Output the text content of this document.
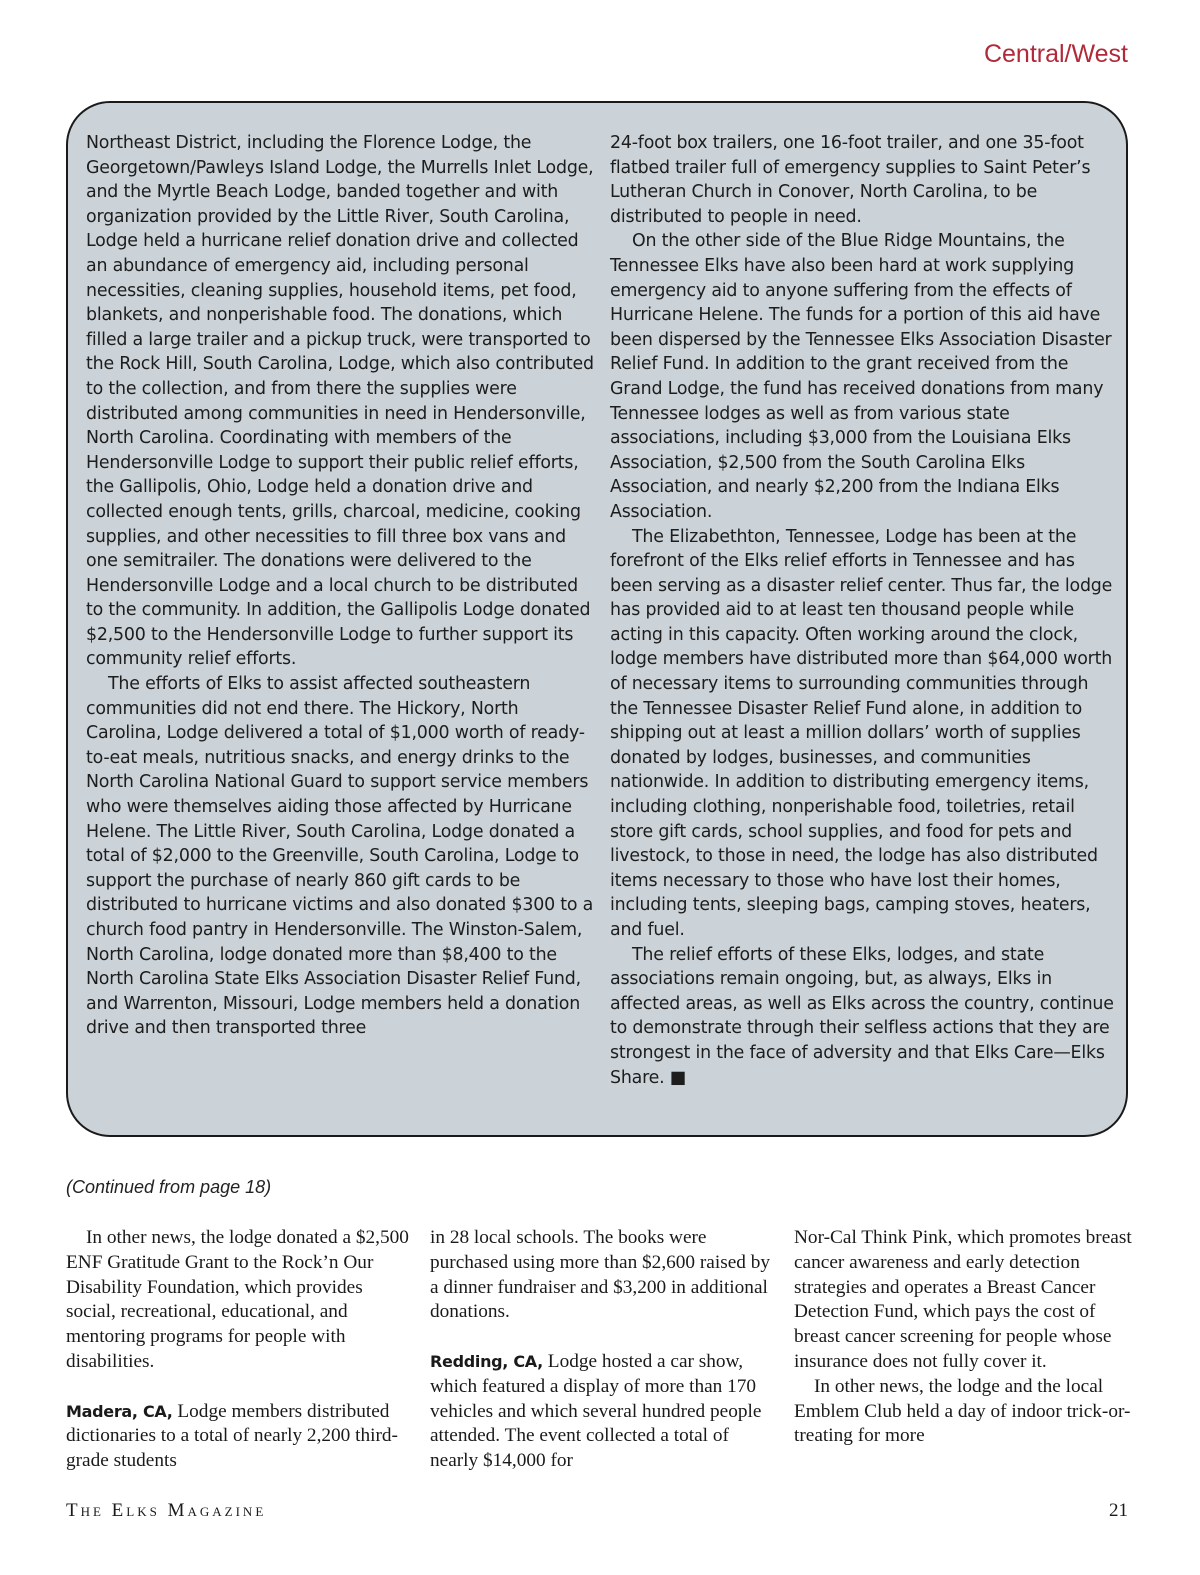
Central/West

Northeast District, including the Florence Lodge, the Georgetown/Pawleys Island Lodge, the Murrells Inlet Lodge, and the Myrtle Beach Lodge, banded together and with organization provided by the Little River, South Carolina, Lodge held a hurricane relief donation drive and collected an abundance of emergency aid, including personal necessities, cleaning supplies, household items, pet food, blankets, and nonperishable food. The donations, which filled a large trailer and a pickup truck, were transported to the Rock Hill, South Carolina, Lodge, which also contributed to the collection, and from there the supplies were distributed among communities in need in Hendersonville, North Carolina. Coordinating with members of the Hendersonville Lodge to support their public relief efforts, the Gallipolis, Ohio, Lodge held a donation drive and collected enough tents, grills, charcoal, medicine, cooking supplies, and other necessities to fill three box vans and one semitrailer. The donations were delivered to the Hendersonville Lodge and a local church to be distributed to the community. In addition, the Gallipolis Lodge donated $2,500 to the Hendersonville Lodge to further support its community relief efforts.

The efforts of Elks to assist affected southeastern communities did not end there. The Hickory, North Carolina, Lodge delivered a total of $1,000 worth of ready-to-eat meals, nutritious snacks, and energy drinks to the North Carolina National Guard to support service members who were themselves aiding those affected by Hurricane Helene. The Little River, South Carolina, Lodge donated a total of $2,000 to the Greenville, South Carolina, Lodge to support the purchase of nearly 860 gift cards to be distributed to hurricane victims and also donated $300 to a church food pantry in Hendersonville. The Winston-Salem, North Carolina, lodge donated more than $8,400 to the North Carolina State Elks Association Disaster Relief Fund, and Warrenton, Missouri, Lodge members held a donation drive and then transported three

24-foot box trailers, one 16-foot trailer, and one 35-foot flatbed trailer full of emergency supplies to Saint Peter’s Lutheran Church in Conover, North Carolina, to be distributed to people in need.

On the other side of the Blue Ridge Mountains, the Tennessee Elks have also been hard at work supplying emergency aid to anyone suffering from the effects of Hurricane Helene. The funds for a portion of this aid have been dispersed by the Tennessee Elks Association Disaster Relief Fund. In addition to the grant received from the Grand Lodge, the fund has received donations from many Tennessee lodges as well as from various state associations, including $3,000 from the Louisiana Elks Association, $2,500 from the South Carolina Elks Association, and nearly $2,200 from the Indiana Elks Association.

The Elizabethton, Tennessee, Lodge has been at the forefront of the Elks relief efforts in Tennessee and has been serving as a disaster relief center. Thus far, the lodge has provided aid to at least ten thousand people while acting in this capacity. Often working around the clock, lodge members have distributed more than $64,000 worth of necessary items to surrounding communities through the Tennessee Disaster Relief Fund alone, in addition to shipping out at least a million dollars’ worth of supplies donated by lodges, businesses, and communities nationwide. In addition to distributing emergency items, including clothing, nonperishable food, toiletries, retail store gift cards, school supplies, and food for pets and livestock, to those in need, the lodge has also distributed items necessary to those who have lost their homes, including tents, sleeping bags, camping stoves, heaters, and fuel.

The relief efforts of these Elks, lodges, and state associations remain ongoing, but, as always, Elks in affected areas, as well as Elks across the country, continue to demonstrate through their selfless actions that they are strongest in the face of adversity and that Elks Care—Elks Share. ■

(Continued from page 18)

In other news, the lodge donated a $2,500 ENF Gratitude Grant to the Rock’n Our Disability Foundation, which provides social, recreational, educational, and mentoring programs for people with disabilities.

Madera, CA, Lodge members distributed dictionaries to a total of nearly 2,200 third-grade students

in 28 local schools. The books were purchased using more than $2,600 raised by a dinner fundraiser and $3,200 in additional donations.

Redding, CA, Lodge hosted a car show, which featured a display of more than 170 vehicles and which several hundred people attended. The event collected a total of nearly $14,000 for

Nor-Cal Think Pink, which promotes breast cancer awareness and early detection strategies and operates a Breast Cancer Detection Fund, which pays the cost of breast cancer screening for people whose insurance does not fully cover it.

In other news, the lodge and the local Emblem Club held a day of indoor trick-or-treating for more

The Elks Magazine	21
